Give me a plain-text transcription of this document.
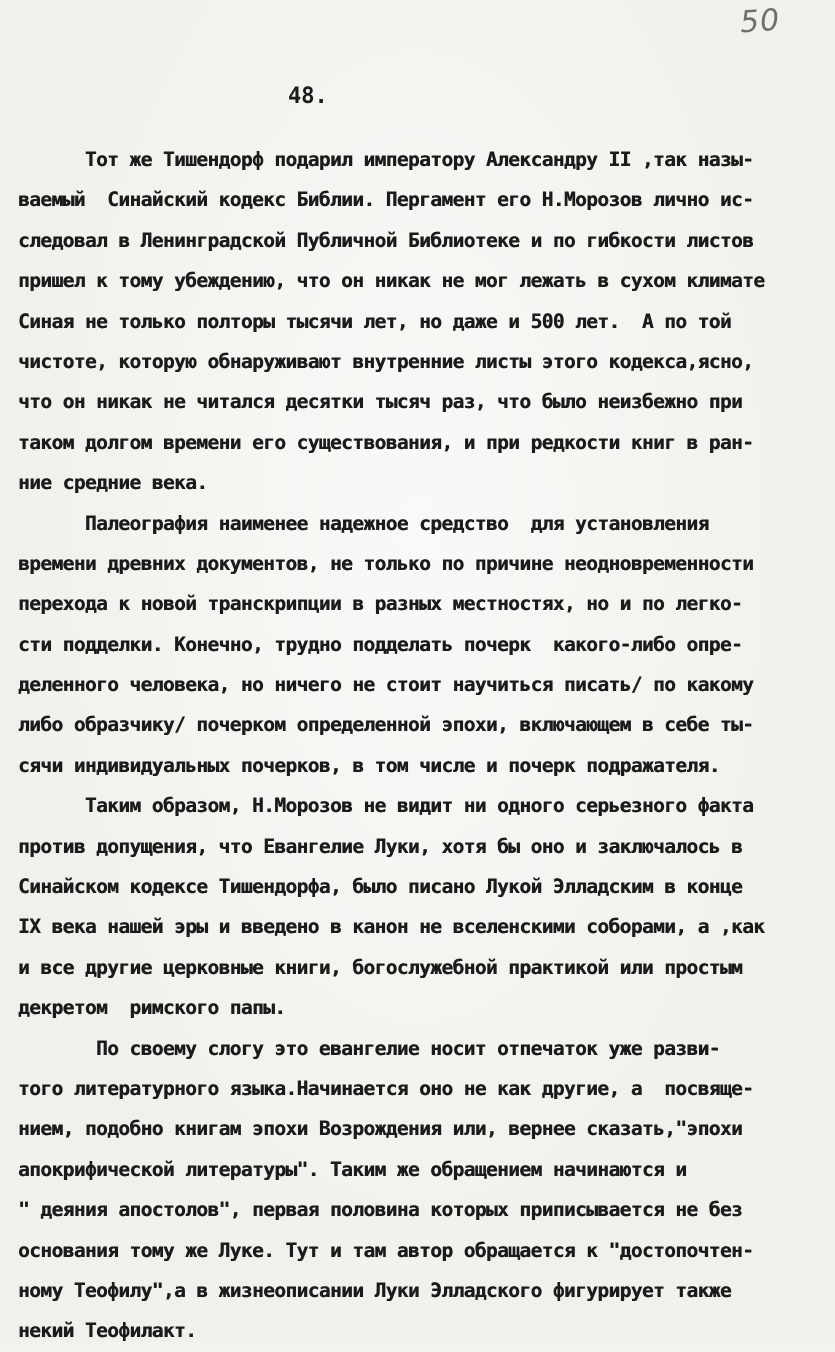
50
48.
Тот же Тишендорф подарил императору Александру II ,так назы-
ваемый  Синайский кодекс Библии. Пергамент его Н.Морозов лично ис-
следовал в Ленинградской Публичной Библиотеке и по гибкости листов
пришел к тому убеждению, что он никак не мог лежать в сухом климате
Синая не только полторы тысячи лет, но даже и 500 лет.  А по той
чистоте, которую обнаруживают внутренние листы этого кодекса,ясно,
что он никак не читался десятки тысяч раз, что было неизбежно при
таком долгом времени его существования, и при редкости книг в ран-
ние средние века.
Палеография наименее надежное средство  для установления
времени древних документов, не только по причине неодновременности
перехода к новой транскрипции в разных местностях, но и по легко-
сти подделки. Конечно, трудно подделать почерк  какого-либо опре-
деленного человека, но ничего не стоит научиться писать/ по какому
либо образчику/ почерком определенной эпохи, включающем в себе ты-
сячи индивидуальных почерков, в том числе и почерк подражателя.
Таким образом, Н.Морозов не видит ни одного серьезного факта
против допущения, что Евангелие Луки, хотя бы оно и заключалось в
Синайском кодексе Тишендорфа, было писано Лукой Элладским в конце
IX века нашей эры и введено в канон не вселенскими соборами, а ,как
и все другие церковные книги, богослужебной практикой или простым
декретом  римского папы.
По своему слогу это евангелие носит отпечаток уже разви-
того литературного языка.Начинается оно не как другие, а  посвяще-
нием, подобно книгам эпохи Возрождения или, вернее сказать,"эпохи
апокрифической литературы". Таким же обращением начинаются и
" деяния апостолов", первая половина которых приписывается не без
основания тому же Луке. Тут и там автор обращается к "достопочтен-
ному Теофилу",а в жизнеописании Луки Элладского фигурирует также
некий Теофилакт.
